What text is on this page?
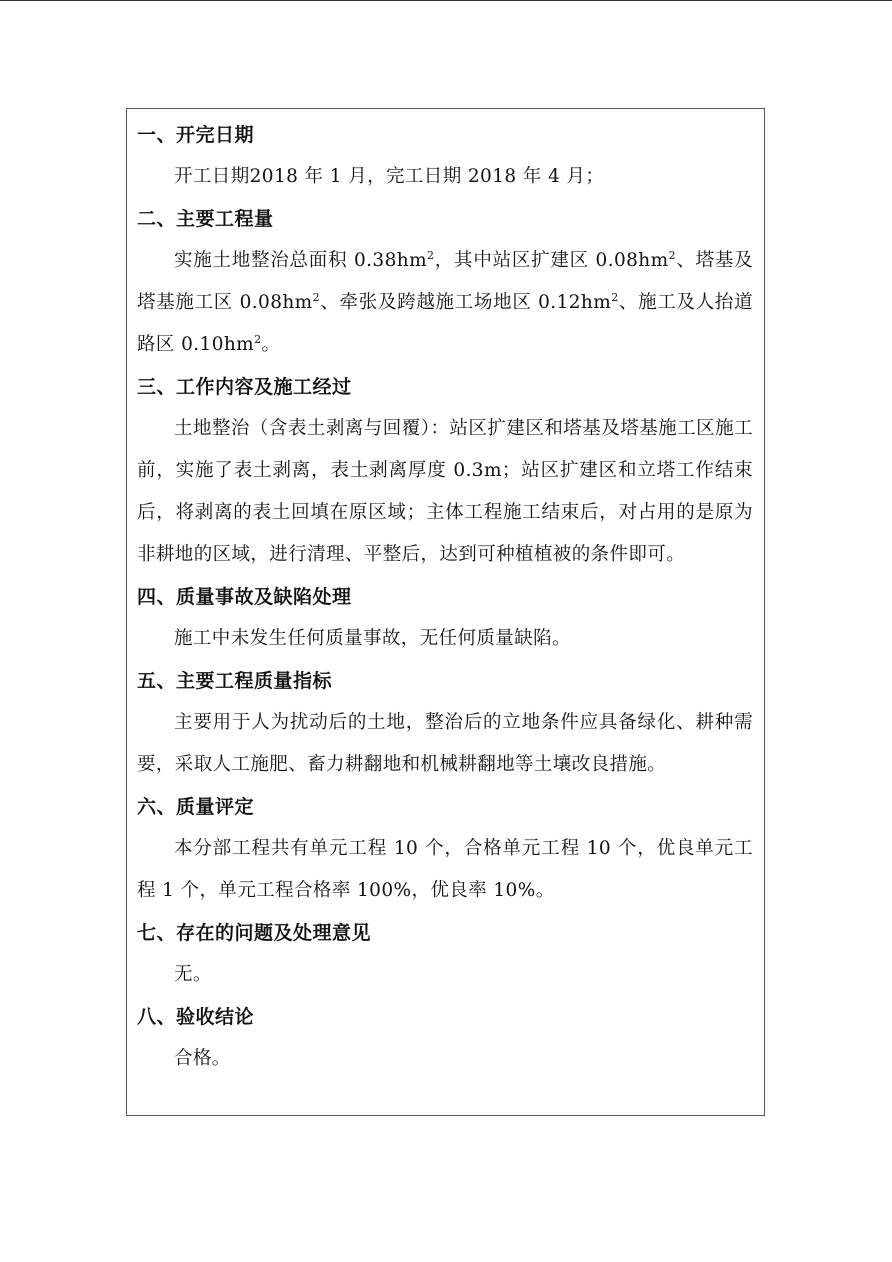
一、开完日期
开工日期2018 年 1 月，完工日期 2018 年 4 月；
二、主要工程量
实施土地整治总面积 $0.38hm^2$，其中站区扩建区 $0.08hm^2$、塔基及塔基施工区 $0.08hm^2$、牵张及跨越施工场地区 $0.12hm^2$、施工及人抬道路区 $0.10hm^2$。
三、工作内容及施工经过
土地整治（含表土剥离与回覆）：站区扩建区和塔基及塔基施工区施工前，实施了表土剥离，表土剥离厚度 0.3m；站区扩建区和立塔工作结束后，将剥离的表土回填在原区域；主体工程施工结束后，对占用的是原为非耕地的区域，进行清理、平整后，达到可种植植被的条件即可。
四、质量事故及缺陷处理
施工中未发生任何质量事故，无任何质量缺陷。
五、主要工程质量指标
主要用于人为扰动后的土地，整治后的立地条件应具备绿化、耕种需要，采取人工施肥、畜力耕翻地和机械耕翻地等土壤改良措施。
六、质量评定
本分部工程共有单元工程 10 个，合格单元工程 10 个，优良单元工程 1 个，单元工程合格率 100%，优良率 10%。
七、存在的问题及处理意见
无。
八、验收结论
合格。
